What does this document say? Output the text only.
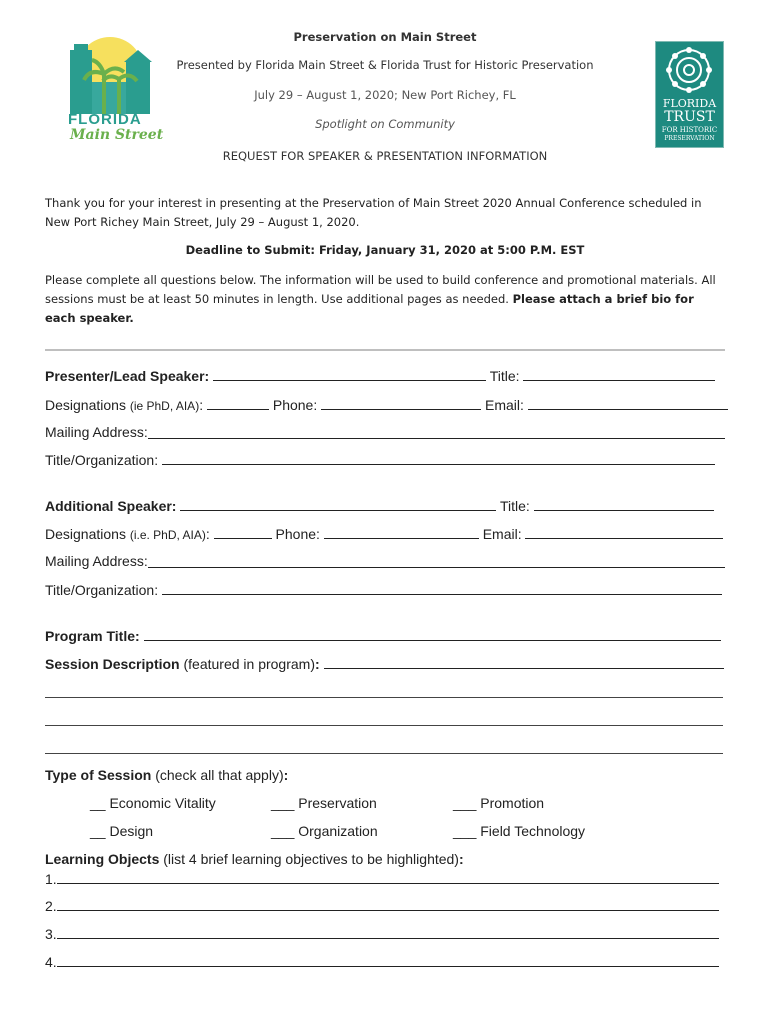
FLORIDA
Main Street
FLORIDA
TRUST
FOR HISTORIC
PRESERVATION
Preservation on Main Street
Presented by Florida Main Street & Florida Trust for Historic Preservation
July 29 – August 1, 2020; New Port Richey, FL
Spotlight on Community
REQUEST FOR SPEAKER & PRESENTATION INFORMATION
Thank you for your interest in presenting at the Preservation of Main Street 2020 Annual Conference scheduled in New Port Richey Main Street, July 29 – August 1, 2020.
Deadline to Submit: Friday, January 31, 2020 at 5:00 P.M. EST
Please complete all questions below. The information will be used to build conference and promotional materials. All sessions must be at least 50 minutes in length. Use additional pages as needed. Please attach a brief bio for each speaker.
Presenter/Lead Speaker:	Title:
Designations (ie PhD, AIA):	Phone:	Email:
Mailing Address:
Title/Organization:
Additional Speaker:	Title:
Designations (i.e. PhD, AIA):	Phone:	Email:
Mailing Address:
Title/Organization:
Program Title:
Session Description (featured in program):
Type of Session (check all that apply):
__ Economic Vitality	___ Preservation	___ Promotion
__ Design	___ Organization	___ Field Technology
Learning Objects (list 4 brief learning objectives to be highlighted):
1.
2.
3.
4.
